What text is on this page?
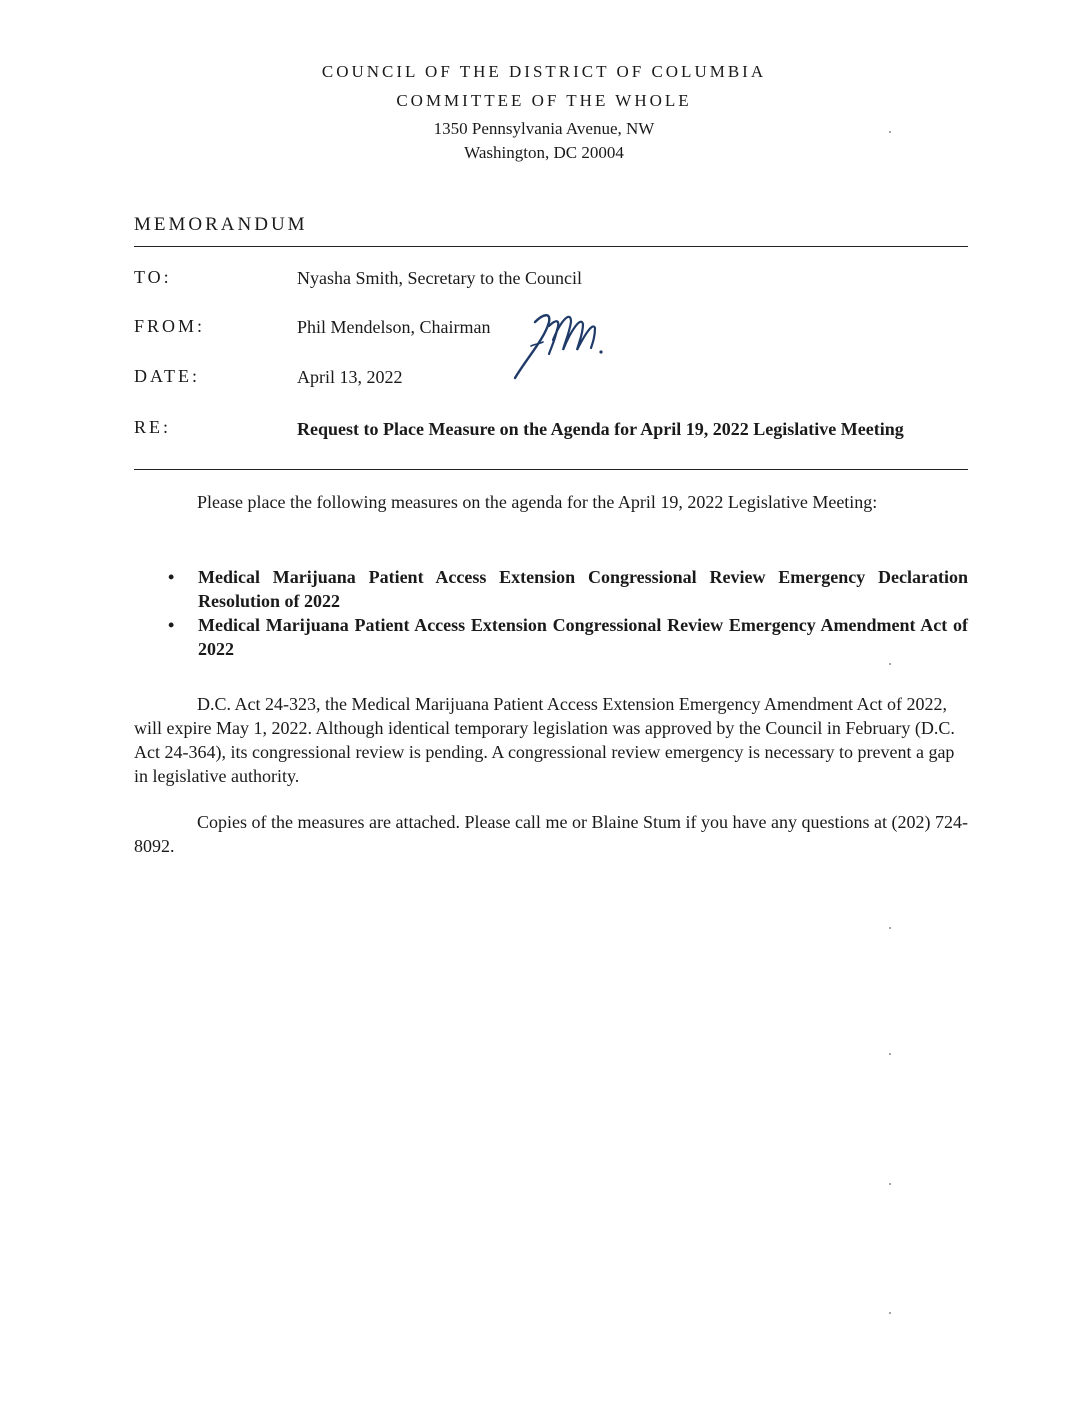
COUNCIL OF THE DISTRICT OF COLUMBIA
COMMITTEE OF THE WHOLE
1350 Pennsylvania Avenue, NW
Washington, DC 20004
MEMORANDUM
TO:	Nyasha Smith, Secretary to the Council
FROM:	Phil Mendelson, Chairman
DATE:	April 13, 2022
RE:	Request to Place Measure on the Agenda for April 19, 2022 Legislative Meeting
Please place the following measures on the agenda for the April 19, 2022 Legislative Meeting:
• Medical Marijuana Patient Access Extension Congressional Review Emergency Declaration Resolution of 2022
• Medical Marijuana Patient Access Extension Congressional Review Emergency Amendment Act of 2022
D.C. Act 24-323, the Medical Marijuana Patient Access Extension Emergency Amendment Act of 2022, will expire May 1, 2022. Although identical temporary legislation was approved by the Council in February (D.C. Act 24-364), its congressional review is pending. A congressional review emergency is necessary to prevent a gap in legislative authority.
Copies of the measures are attached. Please call me or Blaine Stum if you have any questions at (202) 724-8092.
